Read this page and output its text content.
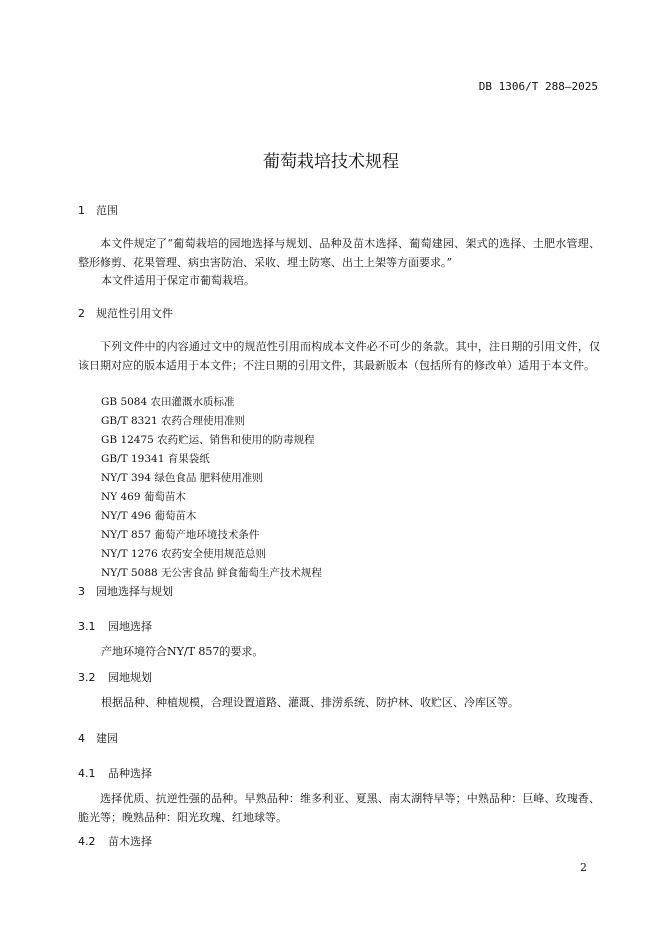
DB 1306/T 288—2025
葡萄栽培技术规程
1 范围
本文件规定了“葡萄栽培的园地选择与规划、品种及苗木选择、葡萄建园、架式的选择、土肥水管理、整形修剪、花果管理、病虫害防治、采收、埋土防寒、出土上架等方面要求。”
本文件适用于保定市葡萄栽培。
2 规范性引用文件
下列文件中的内容通过文中的规范性引用而构成本文件必不可少的条款。其中，注日期的引用文件，仅该日期对应的版本适用于本文件；不注日期的引用文件，其最新版本（包括所有的修改单）适用于本文件。
GB 5084 农田灌溉水质标准
GB/T 8321 农药合理使用准则
GB 12475 农药贮运、销售和使用的防毒规程
GB/T 19341 育果袋纸
NY/T 394 绿色食品 肥料使用准则
NY 469 葡萄苗木
NY/T 496 葡萄苗木
NY/T 857 葡萄产地环境技术条件
NY/T 1276 农药安全使用规范总则
NY/T 5088 无公害食品 鲜食葡萄生产技术规程
3 园地选择与规划
3.1 园地选择
产地环境符合NY/T 857的要求。
3.2 园地规划
根据品种、种植规模，合理设置道路、灌溉、排涝系统、防护林、收贮区、冷库区等。
4 建园
4.1 品种选择
选择优质、抗逆性强的品种。早熟品种：维多利亚、夏黑、南太湖特早等；中熟品种：巨峰、玫瑰香、脆光等；晚熟品种：阳光玫瑰、红地球等。
4.2 苗木选择
2
